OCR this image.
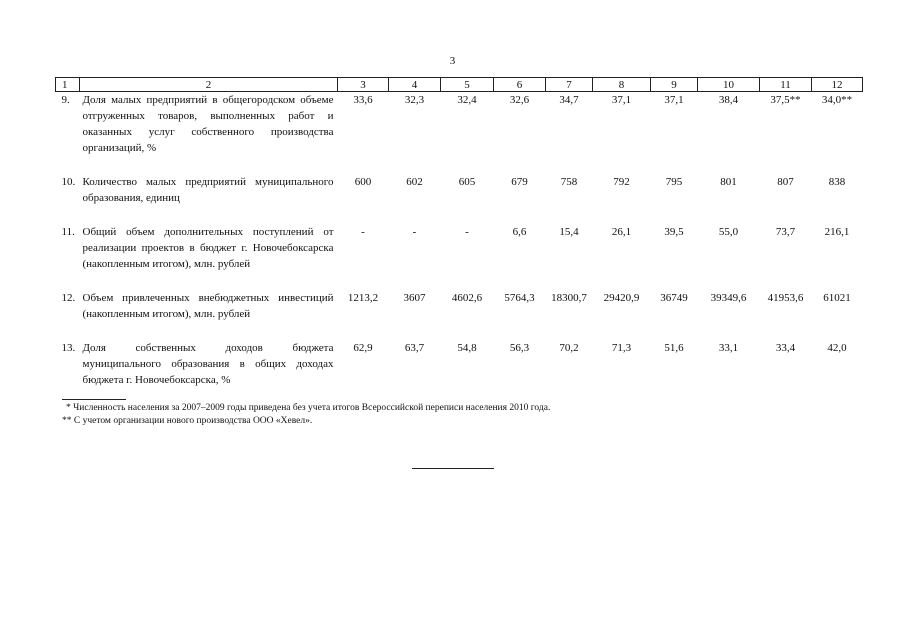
3
1	2	3	4	5	6	7	8	9	10	11	12
9.	Доля малых предприятий в общегородском объеме отгруженных товаров, выполненных работ и оказанных услуг собственного производства организаций, %	33,6	32,3	32,4	32,6	34,7	37,1	37,1	38,4	37,5**	34,0**

10.	Количество малых предприятий муниципального образования, единиц	600	602	605	679	758	792	795	801	807	838

11.	Общий объем дополнительных поступлений от реализации проектов в бюджет г. Новочебоксарска (накопленным итогом), млн. рублей	-	-	-	6,6	15,4	26,1	39,5	55,0	73,7	216,1

12.	Объем привлеченных внебюджетных инвестиций (накопленным итогом), млн. рублей	1213,2	3607	4602,6	5764,3	18300,7	29420,9	36749	39349,6	41953,6	61021

13.	Доля собственных доходов бюджета муниципального образования в общих доходах бюджета г. Новочебоксарска, %	62,9	63,7	54,8	56,3	70,2	71,3	51,6	33,1	33,4	42,0
* Численность населения за 2007–2009 годы приведена без учета итогов Всероссийской переписи населения 2010 года.
** С учетом организации нового производства ООО «Хевел».
